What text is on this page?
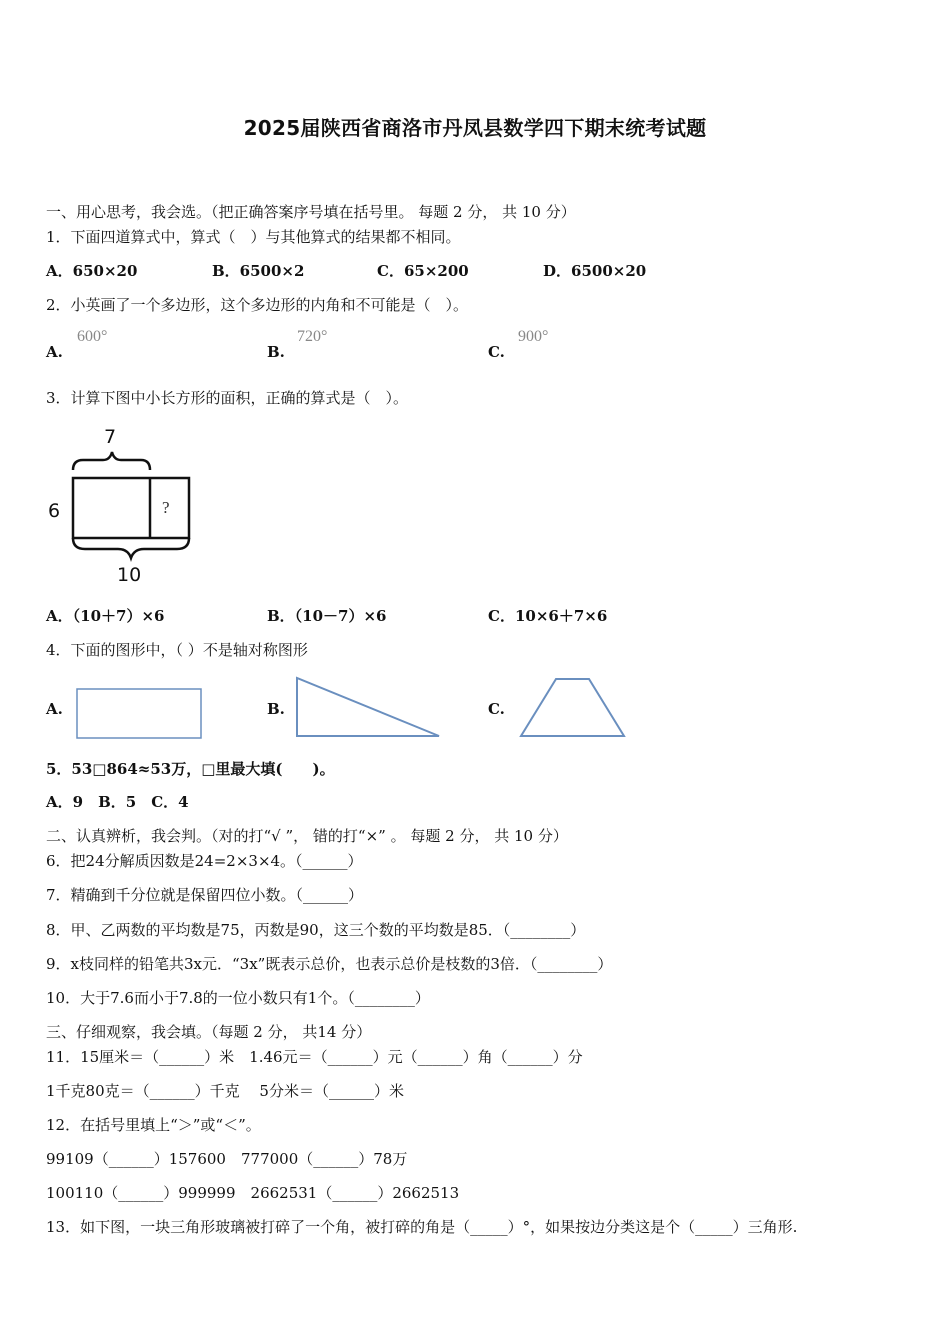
2025届陕西省商洛市丹凤县数学四下期末统考试题
一、用心思考，我会选。（把正确答案序号填在括号里。 每题 2 分， 共 10 分）
1．下面四道算式中，算式（　）与其他算式的结果都不相同。
A．650×20	B．6500×2	C．65×200	D．6500×20
2．小英画了一个多边形，这个多边形的内角和不可能是（　）。
A.
600°
B.
720°
C.
900°
3．计算下图中小长方形的面积，正确的算式是（　）。
7
6	?
10
A．（10＋7）×6	B．（10－7）×6	C．10×6＋7×6
4．下面的图形中，（ ）不是轴对称图形
A.	B.	C.
5．53□864≈53万，□里最大填(　　)。
A．9　B．5　C．4
二、认真辨析，我会判。（对的打“√ ”， 错的打“×” 。 每题 2 分， 共 10 分）
6．把24分解质因数是24=2×3×4。（______）
7．精确到千分位就是保留四位小数。（______）
8．甲、乙两数的平均数是75，丙数是90，这三个数的平均数是85．（________）
9．x枝同样的铅笔共3x元．“3x”既表示总价，也表示总价是枝数的3倍．（________）
10．大于7.6而小于7.8的一位小数只有1个。（________）
三、仔细观察，我会填。（每题 2 分， 共14 分）
11．15厘米＝（______）米　1.46元＝（______）元（______）角（______）分
1千克80克＝（______）千克　 5分米＝（______）米
12．在括号里填上“＞”或“＜”。
99109（______）157600　777000（______）78万
100110（______）999999　2662531（______）2662513
13．如下图，一块三角形玻璃被打碎了一个角，被打碎的角是（_____）°，如果按边分类这是个（_____）三角形.
